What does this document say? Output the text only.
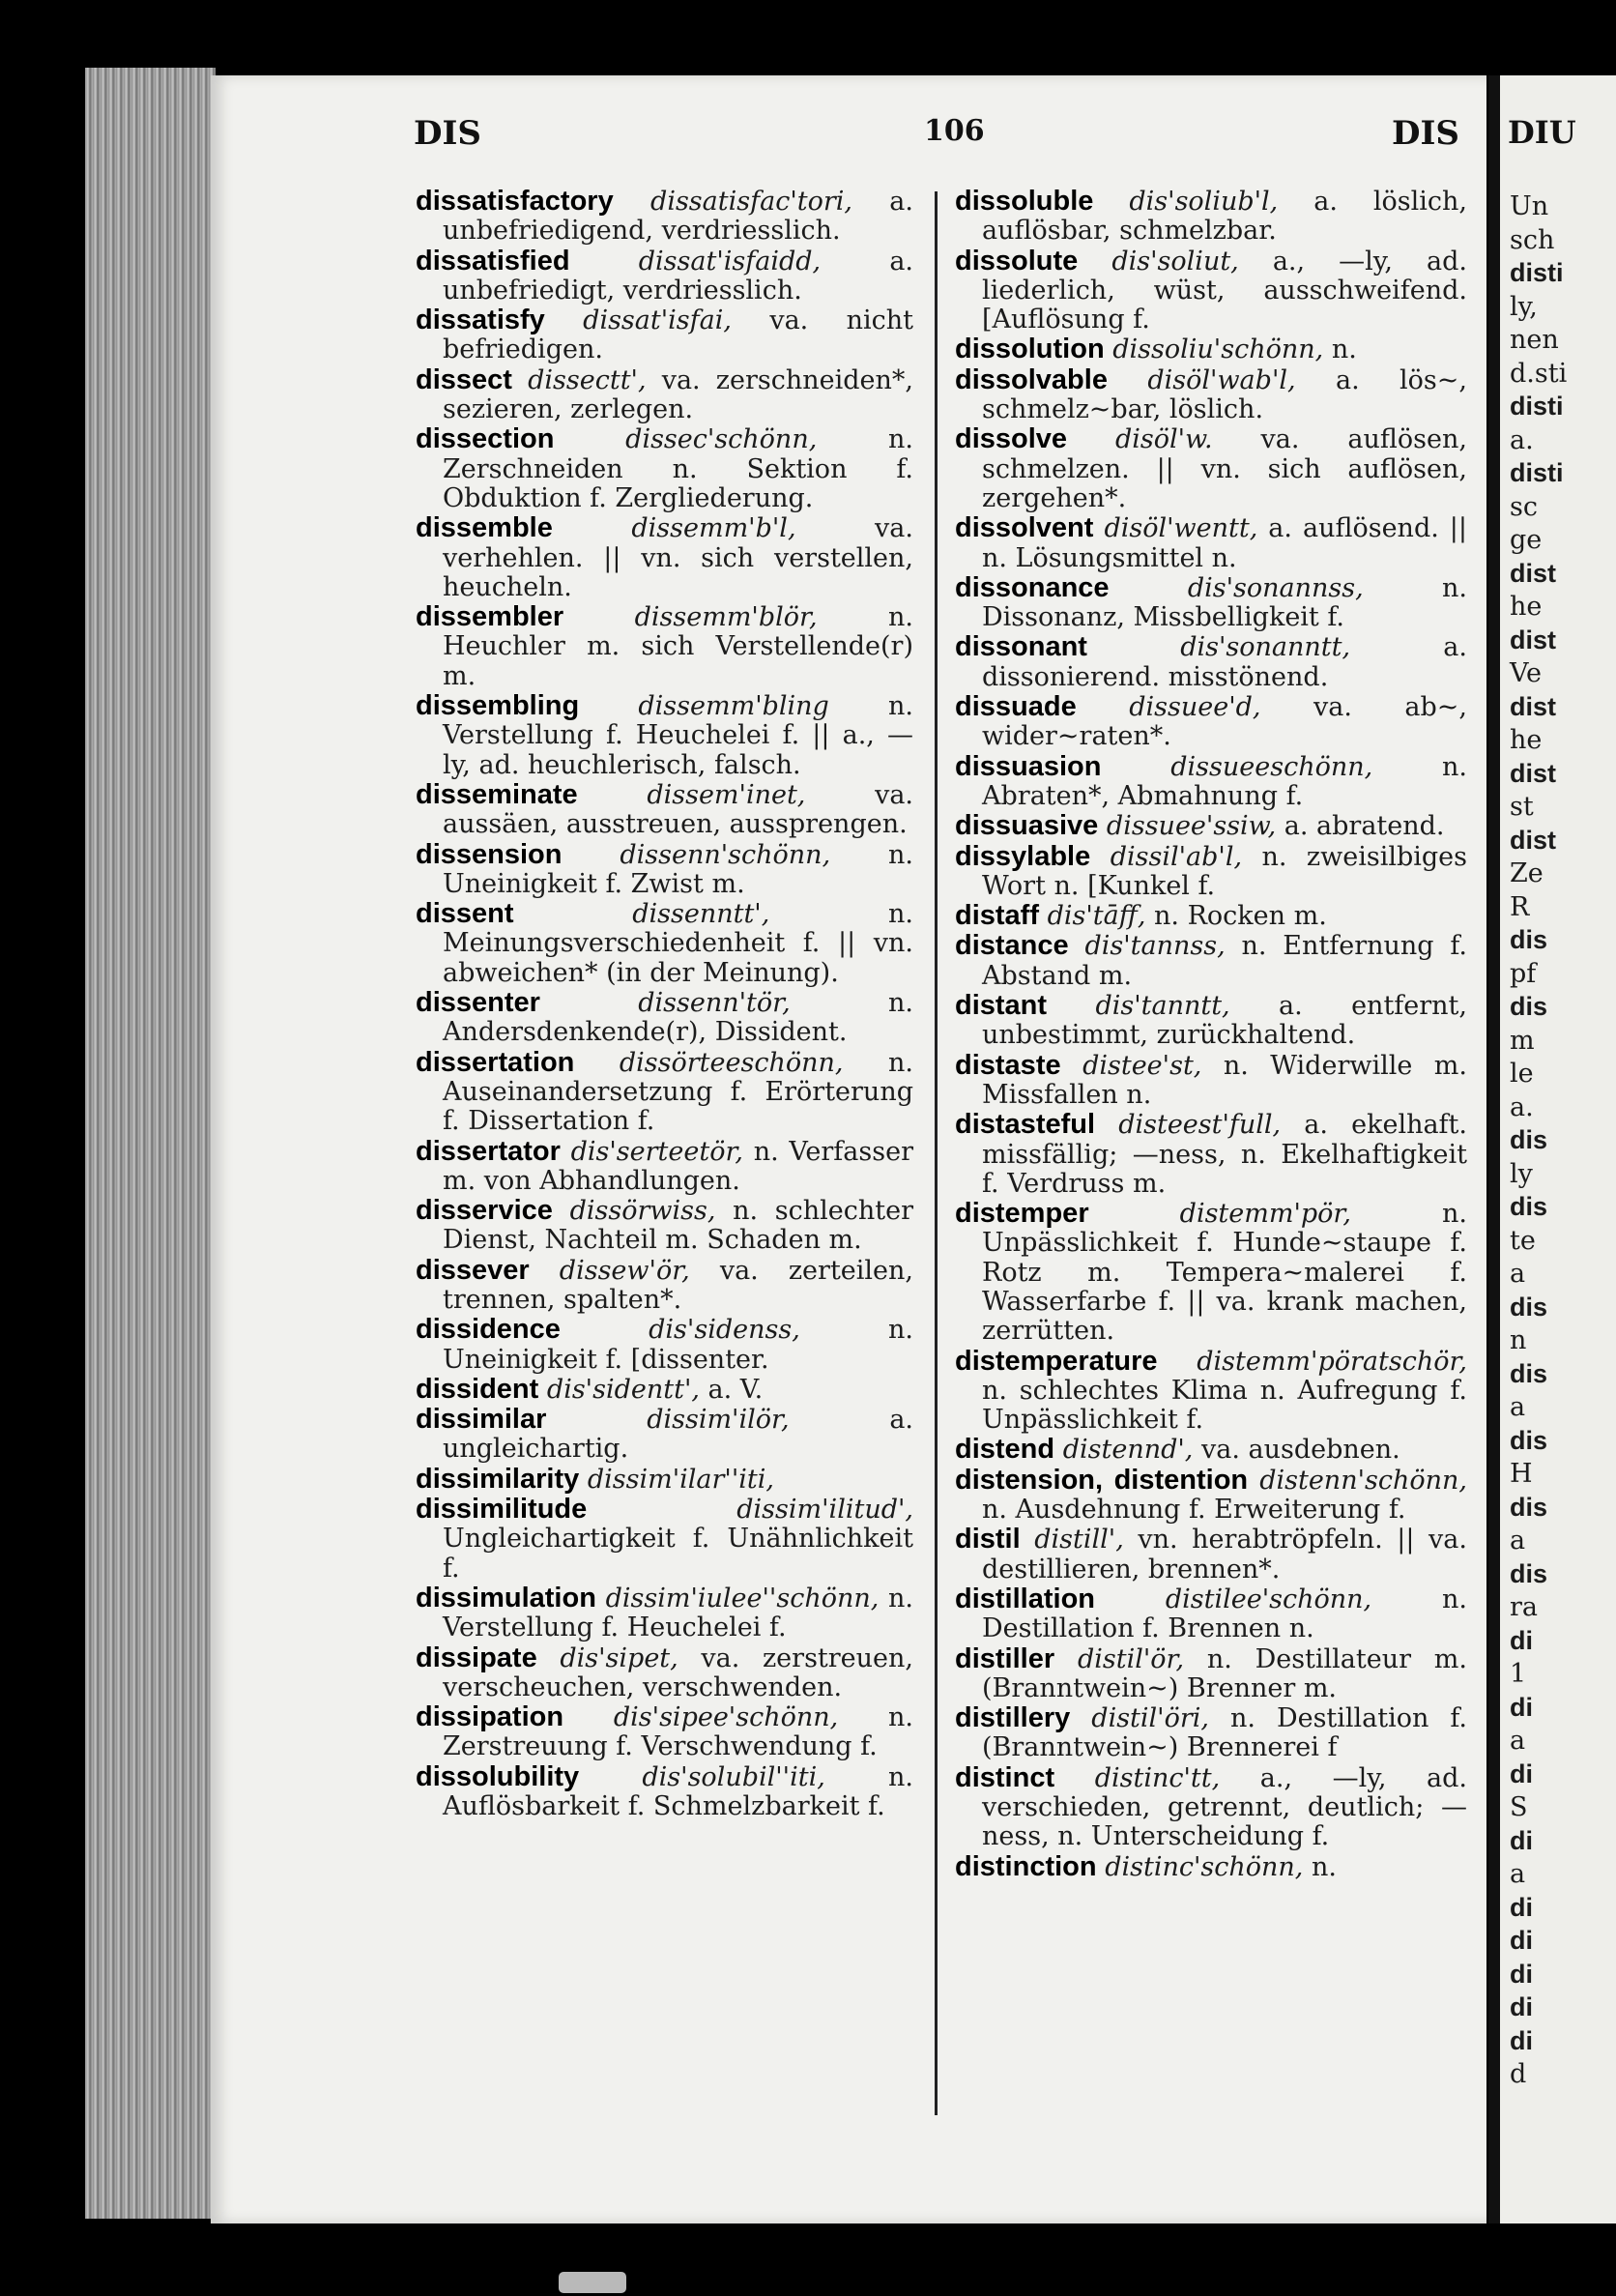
DIS	106	DIS

dissatisfactory dissatisfac'tori, a. unbefriedigend, verdriesslich.

dissatisfied	dissat'isfaidd,	a. unbefriedigt, verdriesslich.

dissatisfy dissat'isfai, va. nicht befriedigen.

dissect dissectt', va. zerschneiden*, sezieren, zerlegen.

dissection	dissec'schönn,	n. Zerschneiden n. Sektion f. Obduktion f. Zergliederung.

dissemble	dissemm'b'l,	va. verhehlen. || vn. sich verstellen, heucheln.

dissembler	dissemm'blör,	n. Heuchler m. sich Verstellende(r) m.

dissembling dissemm'bling n. Verstellung f. Heuchelei f. || a., —ly, ad. heuchlerisch, falsch.

disseminate	dissem'inet,	va. aussäen, ausstreuen, aussprengen.

dissension dissenn'schönn, n. Uneinigkeit f. Zwist m.

dissent	dissenntt',	n. Meinungsverschiedenheit f. || vn. abweichen* (in der Meinung).

dissenter	dissenn'tör,	n. Andersdenkende(r), Dissident.

dissertation dissörteeschönn, n. Auseinandersetzung f. Erörterung f. Dissertation f.

dissertator dis'serteetör, n. Verfasser m. von Abhandlungen.

disservice dissörwiss, n. schlechter Dienst, Nachteil m. Schaden m.

dissever dissew'ör, va. zerteilen, trennen, spalten*.

dissidence	dis'sidenss,	n. Uneinigkeit f. [dissenter.

dissident dis'sidentt', a. V.

dissimilar	dissim'ilör,	a. ungleichartig.

dissimilarity dissim'ilar''iti,

dissimilitude	dissim'ilitud', Ungleichartigkeit f. Unähnlichkeit f.

dissimulation dissim'iulee''schönn, n. Verstellung f. Heuchelei f.

dissipate dis'sipet, va. zerstreuen, verscheuchen, verschwenden.

dissipation dis'sipee'schönn, n. Zerstreuung f. Verschwendung f.

dissolubility dis'solubil''iti, n. Auflösbarkeit f. Schmelzbarkeit f.

dissoluble dis'soliub'l, a. löslich, auflösbar, schmelzbar.

dissolute dis'soliut, a., —ly, ad. liederlich, wüst, ausschweifend. [Auflösung f.

dissolution dissoliu'schönn, n.

dissolvable disöl'wab'l, a. lös~, schmelz~bar, löslich.

dissolve disöl'w. va. auflösen, schmelzen. || vn. sich auflösen, zergehen*.

dissolvent disöl'wentt, a. auflösend. || n. Lösungsmittel n.

dissonance	dis'sonannss,	n. Dissonanz, Missbelligkeit f.

dissonant	dis'sonanntt,	a. dissonierend. misstönend.

dissuade dissuee'd, va. ab~, wider~raten*.

dissuasion	dissueeschönn,	n. Abraten*, Abmahnung f.

dissuasive dissuee'ssiw, a. abratend.

dissylable dissil'ab'l, n. zweisilbiges Wort n. [Kunkel f.

distaff dis'tāff, n. Rocken m.

distance dis'tannss, n. Entfernung f. Abstand m.

distant dis'tanntt, a. entfernt, unbestimmt, zurückhaltend.

distaste distee'st, n. Widerwille m. Missfallen n.

distasteful disteest'full, a. ekelhaft. missfällig; —ness, n. Ekelhaftigkeit f. Verdruss m.

distemper	distemm'pör,	n. Unpässlichkeit f. Hunde~staupe f. Rotz m. Tempera~malerei f. Wasserfarbe f. || va. krank machen, zerrütten.

distemperature distemm'pöratschör, n. schlechtes Klima n. Aufregung f. Unpässlichkeit f.

distend distennd', va. ausdebnen.

distension, distention distenn'schönn, n. Ausdehnung f. Erweiterung f.

distil distill', vn. herabtröpfeln. || va. destillieren, brennen*.

distillation	distilee'schönn,	n. Destillation f. Brennen n.

distiller distil'ör, n. Destillateur m. (Branntwein~) Brenner m.

distillery distil'öri, n. Destillation f. (Branntwein~) Brennerei f

distinct distinc'tt, a., —ly, ad. verschieden, getrennt, deutlich; —ness, n. Unterscheidung f.

distinction distinc'schönn, n.

DIU
Un
sch
disti
ly,
nen
d.sti
disti
a.
disti
sc
ge
dist
he
dist
Ve
dist
he
dist
st
dist
Ze
R
dis
pf
dis
m
le
a.
dis
ly
dis
te
a
dis
n
dis
a
dis
H
dis
a
dis
ra
di
1
di
a
di
S
di
a
di
di
di
di
di
d
